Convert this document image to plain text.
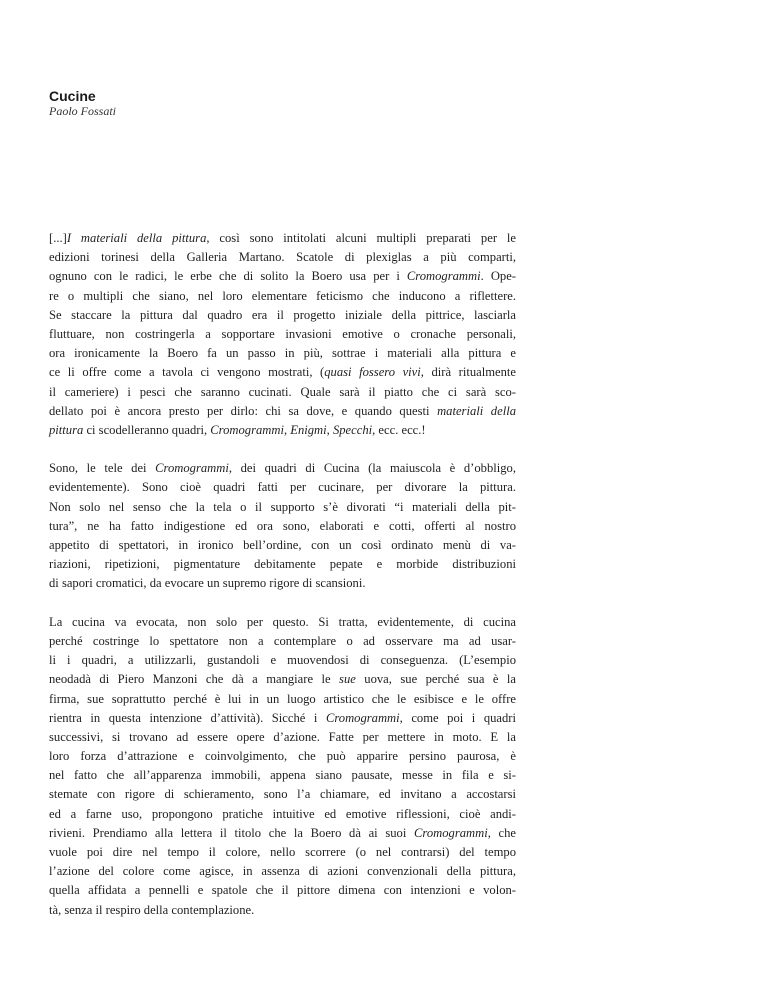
Cucine

Paolo Fossati

[...]I materiali della pittura, così sono intitolati alcuni multipli preparati per le
edizioni torinesi della Galleria Martano. Scatole di plexiglas a più comparti,
ognuno con le radici, le erbe che di solito la Boero usa per i Cromogrammi. Ope-
re o multipli che siano, nel loro elementare feticismo che inducono a riflettere.
Se staccare la pittura dal quadro era il progetto iniziale della pittrice, lasciarla
fluttuare, non costringerla a sopportare invasioni emotive o cronache personali,
ora ironicamente la Boero fa un passo in più, sottrae i materiali alla pittura e
ce li offre come a tavola ci vengono mostrati, (quasi fossero vivi, dirà ritualmente
il cameriere) i pesci che saranno cucinati. Quale sarà il piatto che ci sarà sco-
dellato poi è ancora presto per dirlo: chi sa dove, e quando questi materiali della
pittura ci scodelleranno quadri, Cromogrammi, Enigmi, Specchi, ecc. ecc.!
Sono, le tele dei Cromogrammi, dei quadri di Cucina (la maiuscola è d’obbligo,
evidentemente). Sono cioè quadri fatti per cucinare, per divorare la pittura.
Non solo nel senso che la tela o il supporto s’è divorati “i materiali della pit-
tura”, ne ha fatto indigestione ed ora sono, elaborati e cotti, offerti al nostro
appetito di spettatori, in ironico bell’ordine, con un così ordinato menù di va-
riazioni, ripetizioni, pigmentature debitamente pepate e morbide distribuzioni
di sapori cromatici, da evocare un supremo rigore di scansioni.
La cucina va evocata, non solo per questo. Si tratta, evidentemente, di cucina
perché costringe lo spettatore non a contemplare o ad osservare ma ad usar-
li i quadri, a utilizzarli, gustandoli e muovendosi di conseguenza. (L’esempio
neodadà di Piero Manzoni che dà a mangiare le sue uova, sue perché sua è la
firma, sue soprattutto perché è lui in un luogo artistico che le esibisce e le offre
rientra in questa intenzione d’attività). Sicché i Cromogrammi, come poi i quadri
successivi, si trovano ad essere opere d’azione. Fatte per mettere in moto. E la
loro forza d’attrazione e coinvolgimento, che può apparire persino paurosa, è
nel fatto che all’apparenza immobili, appena siano pausate, messe in fila e si-
stemate con rigore di schieramento, sono l’a chiamare, ed invitano a accostarsi
ed a farne uso, propongono pratiche intuitive ed emotive riflessioni, cioè andi-
rivieni. Prendiamo alla lettera il titolo che la Boero dà ai suoi Cromogrammi, che
vuole poi dire nel tempo il colore, nello scorrere (o nel contrarsi) del tempo
l’azione del colore come agisce, in assenza di azioni convenzionali della pittura,
quella affidata a pennelli e spatole che il pittore dimena con intenzioni e volon-
tà, senza il respiro della contemplazione.
